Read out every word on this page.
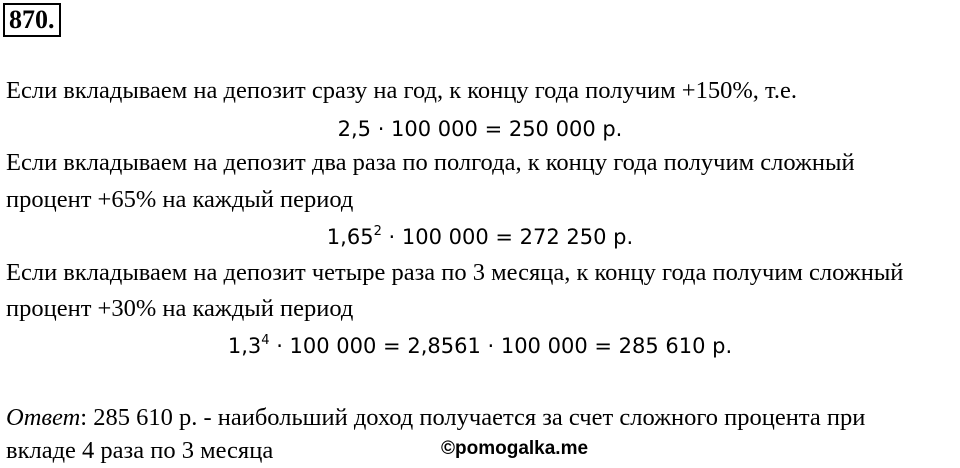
870.
Если вкладываем на депозит сразу на год, к концу года получим +150%, т.е.
2,5 · 100 000 = 250 000 р.
Если вкладываем на депозит два раза по полгода, к концу года получим сложный
процент +65% на каждый период
$1,65^2 \cdot 100$ 000 = 272 250 р.
Если вкладываем на депозит четыре раза по 3 месяца, к концу года получим сложный
процент +30% на каждый период
$1,3^4 \cdot 100$ 000 = 2,8561 · 100 000 = 285 610 р.
Ответ: 285 610 р. - наибольший доход получается за счет сложного процента при
вкладе 4 раза по 3 месяца	©pomogalka.me
